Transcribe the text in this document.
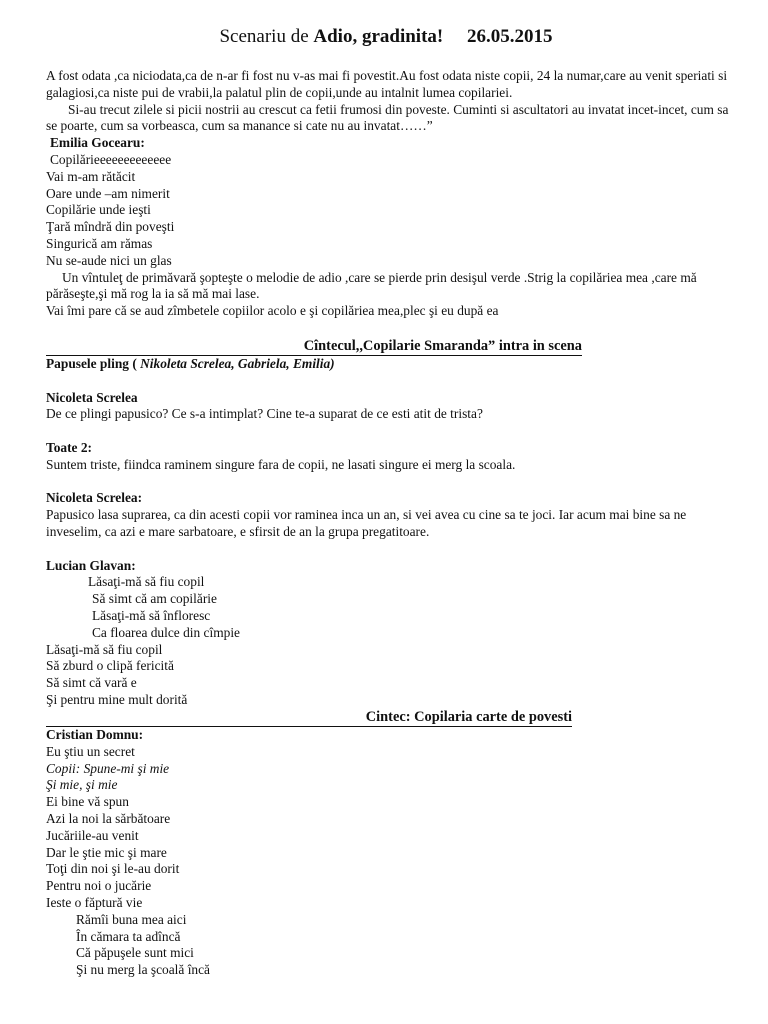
Scenariu de Adio, gradinita! 26.05.2015

A fost odata ,ca niciodata,ca de n-ar fi fost nu v-as mai fi povestit.Au fost odata niste copii, 24 la numar,care au venit speriati si galagiosi,ca niste pui de vrabii,la palatul plin de copii,unde au intalnit lumea copilariei.

Si-au trecut zilele si picii nostrii au crescut ca fetii frumosi din poveste. Cuminti si ascultatori au invatat incet-incet, cum sa se poarte, cum sa vorbeasca, cum sa manance si cate nu au invatat……”

Emilia Gocearu:
Copilărieeeeeeeeeeeee
Vai m-am rătăcit
Oare unde –am nimerit
Copilărie unde ieşti
Ţară mîndră din poveşti
Singurică am rămas
Nu se-aude nici un glas

Un vîntuleţ de primăvară şopteşte o melodie de adio ,care se pierde prin desişul verde .Strig la copilăriea mea ,care mă părăseşte,şi mă rog la ia să mă mai lase.

Vai îmi pare că se aud zîmbetele copiilor acolo e şi copilăriea mea,plec şi eu după ea

Cîntecul,,Copilarie Smaranda” intra in scena
Papusele pling ( Nikoleta Screlea, Gabriela, Emilia)
Nicoleta Screlea
De ce plingi papusico? Ce s-a intimplat? Cine te-a suparat de ce esti atit de trista?
Toate 2:
Suntem triste, fiindca raminem singure fara de copii, ne lasati singure ei merg la scoala.
Nicoleta Screlea:

Papusico lasa suprarea, ca din acesti copii vor raminea inca un an, si vei avea cu cine sa te joci. Iar acum mai bine sa ne inveselim, ca azi e mare sarbatoare, e sfirsit de an la grupa pregatitoare.

Lucian Glavan:
Lăsaţi-mă să fiu copil
Să simt că am copilărie
Lăsaţi-mă să înfloresc
Ca floarea dulce din cîmpie
Lăsaţi-mă să fiu copil
Să zburd o clipă fericită
Să simt că vară e
Şi pentru mine mult dorită
Cintec: Copilaria carte de povesti
Cristian Domnu:
Eu ştiu un secret
Copii: Spune-mi şi mie
Şi mie, şi mie
Ei bine vă spun
Azi la noi la sărbătoare
Jucăriile-au venit
Dar le ştie mic şi mare
Toţi din noi şi le-au dorit
Pentru noi o jucărie
Ieste o făptură vie
Rămîi buna mea aici
În cămara ta adîncă
Că păpuşele sunt mici
Şi nu merg la şcoală încă
